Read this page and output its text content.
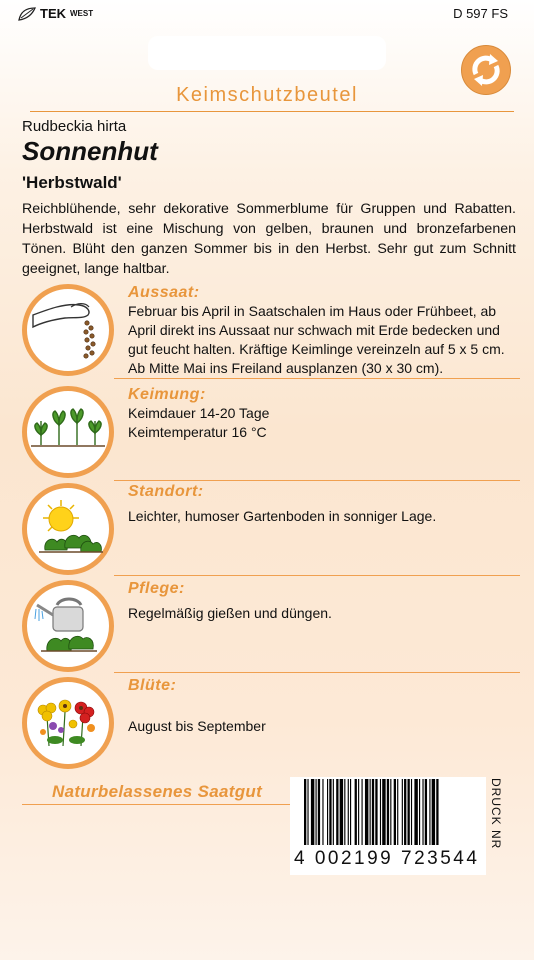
TEK WEST	D 597 FS
Keimschutzbeutel
Rudbeckia hirta
Sonnenhut
'Herbstwald'
Reichblühende, sehr dekorative Sommerblume für Gruppen und Rabatten. Herbstwald ist eine Mischung von gelben, braunen und bronzefarbenen Tönen. Blüht den ganzen Sommer bis in den Herbst. Sehr gut zum Schnitt geeignet, lange haltbar.
Aussaat:
Februar bis April in Saatschalen im Haus oder Frühbeet, ab April direkt ins Aussaat nur schwach mit Erde bedecken und gut feucht halten. Kräftige Keimlinge vereinzeln auf 5 x 5 cm. Ab Mitte Mai ins Freiland ausplanzen (30 x 30 cm).
Keimung:
Keimdauer 14-20 Tage
Keimtemperatur 16 °C
Standort:
Leichter, humoser Gartenboden in sonniger Lage.
Pflege:
Regelmäßig gießen und düngen.
Blüte:
August bis September
Naturbelassenes Saatgut
4 002199 723544
DRUCK NR
